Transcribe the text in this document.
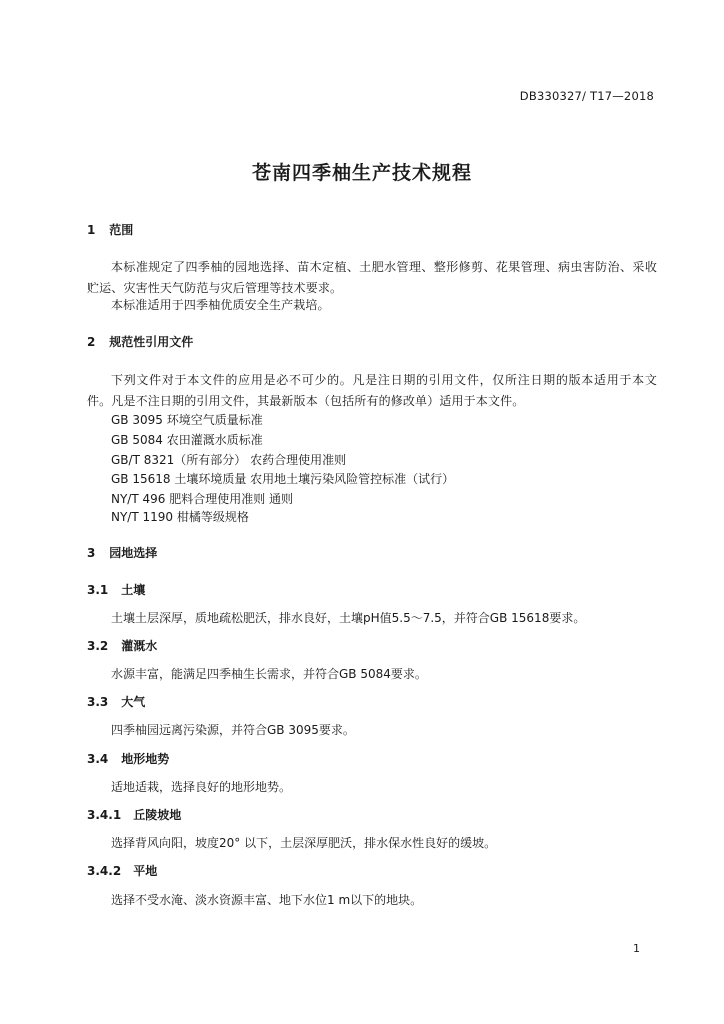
DB330327/ T17—2018
苍南四季柚生产技术规程
1 范围
本标准规定了四季柚的园地选择、苗木定植、土肥水管理、整形修剪、花果管理、病虫害防治、采收贮运、灾害性天气防范与灾后管理等技术要求。
本标准适用于四季柚优质安全生产栽培。
2 规范性引用文件
下列文件对于本文件的应用是必不可少的。凡是注日期的引用文件，仅所注日期的版本适用于本文件。凡是不注日期的引用文件，其最新版本（包括所有的修改单）适用于本文件。
GB 3095 环境空气质量标准
GB 5084 农田灌溉水质标准
GB/T 8321（所有部分） 农药合理使用准则
GB 15618 土壤环境质量 农用地土壤污染风险管控标准（试行）
NY/T 496 肥料合理使用准则 通则
NY/T 1190 柑橘等级规格
3 园地选择
3.1 土壤
土壤土层深厚，质地疏松肥沃，排水良好，土壤pH值5.5～7.5，并符合GB 15618要求。
3.2 灌溉水
水源丰富，能满足四季柚生长需求，并符合GB 5084要求。
3.3 大气
四季柚园远离污染源，并符合GB 3095要求。
3.4 地形地势
适地适栽，选择良好的地形地势。
3.4.1 丘陵坡地
选择背风向阳，坡度20° 以下，土层深厚肥沃，排水保水性良好的缓坡。
3.4.2 平地
选择不受水淹、淡水资源丰富、地下水位1 m以下的地块。
1
